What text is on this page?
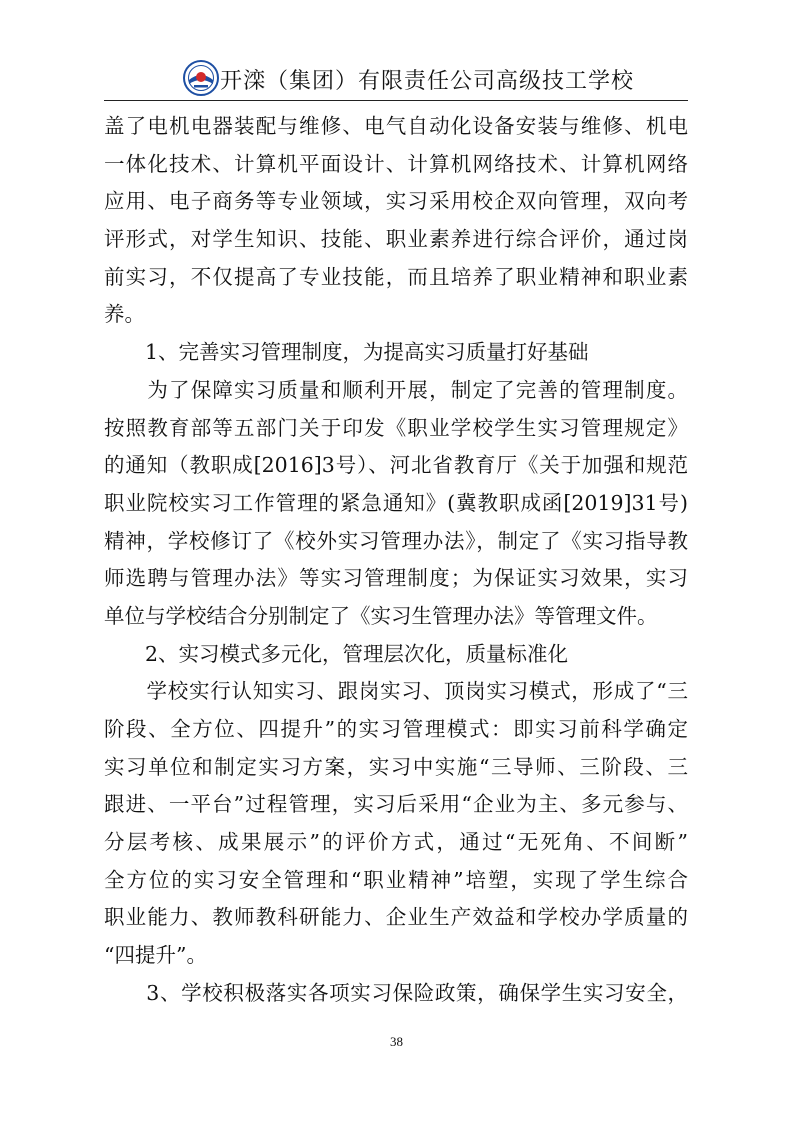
开滦（集团）有限责任公司高级技工学校
盖了电机电器装配与维修、电气自动化设备安装与维修、机电
一体化技术、计算机平面设计、计算机网络技术、计算机网络
应用、电子商务等专业领域，实习采用校企双向管理，双向考
评形式，对学生知识、技能、职业素养进行综合评价，通过岗
前实习，不仅提高了专业技能，而且培养了职业精神和职业素
养。
　　1、完善实习管理制度，为提高实习质量打好基础
　　为了保障实习质量和顺利开展，制定了完善的管理制度。
按照教育部等五部门关于印发《职业学校学生实习管理规定》
的通知（教职成[2016]3号）、河北省教育厅《关于加强和规范
职业院校实习工作管理的紧急通知》(冀教职成函[2019]31号)
精神，学校修订了《校外实习管理办法》，制定了《实习指导教
师选聘与管理办法》等实习管理制度；为保证实习效果，实习
单位与学校结合分别制定了《实习生管理办法》等管理文件。
　　2、实习模式多元化，管理层次化，质量标准化
　　学校实行认知实习、跟岗实习、顶岗实习模式，形成了“三
阶段、全方位、四提升”的实习管理模式：即实习前科学确定
实习单位和制定实习方案，实习中实施“三导师、三阶段、三
跟进、一平台”过程管理，实习后采用“企业为主、多元参与、
分层考核、成果展示”的评价方式，通过“无死角、不间断”
全方位的实习安全管理和“职业精神”培塑，实现了学生综合
职业能力、教师教科研能力、企业生产效益和学校办学质量的
“四提升”。
　　3、学校积极落实各项实习保险政策，确保学生实习安全，
38
